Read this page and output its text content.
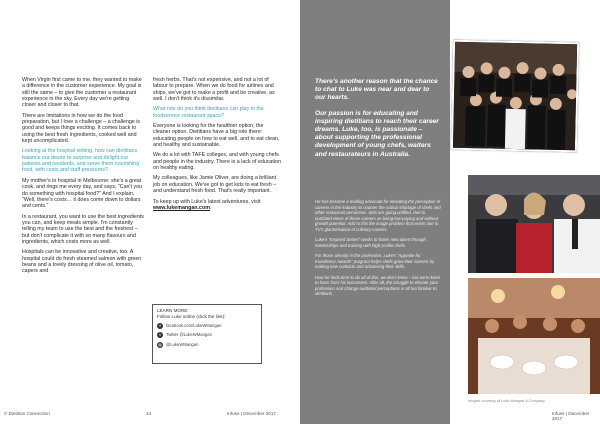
When Virgin first came to me, they wanted to make a difference in the customer experience. My goal is still the same – to give the customer a restaurant experience in the sky. Every day we're getting closer and closer to that.

There are limitations in how we do the food preparation, but I love a challenge – a challenge is good and keeps things exciting. It comes back to using the best fresh ingredients, cooked well and kept uncomplicated.

Looking at the hospital setting, how can dietitians balance our desire to surprise and delight our patients and residents, and serve them nourishing food, with costs and staff pressures?

My mother's in hospital in Melbourne; she's a great cook, and rings me every day, and says, "Can't you do something with hospital food?" And I explain, "Well, there's costs… it does come down to dollars and cents."

In a restaurant, you want to use the best ingredients you can, and keep meals simple. I'm constantly telling my team to use the best and the freshest – but don't complicate it with so many flavours and ingredients, which costs more as well.

Hospitals can be innovative and creative, too. A hospital could do fresh steamed salmon with green beans and a lovely dressing of olive oil, tomato, capers and

fresh herbs. That's not expensive, and not a lot of labour to prepare. When we do food for airlines and ships, we've got to make a profit and be creative, as well. I don't think it's dissimilar.

What role do you think dietitians can play in the foodservice restaurant space?

Everyone is looking for the healthier option, the cleaner option. Dietitians have a big role there: educating people on how to eat well, and to eat clean, and healthy and sustainable.

We do a lot with TAFE colleges, and with young chefs and people in the industry. There is a lack of education on healthy eating.

My colleagues, like Jamie Oliver, are doing a brilliant job on education. We've got to get kids to eat fresh – and understand fresh food. That's really important.

To keep up with Luke's latest adventures, visit www.lukemangan.com.

LEARN MORE:
Follow Luke online (click the link):
f	facebook.com/LukeWMangan
t	Twitter @LukeWMangan
◎ @LukeWMangan

There's another reason that the chance to chat to Luke was near and dear to our hearts.

Our passion is for educating and inspiring dietitians to reach their career dreams. Luke, too, is passionate – about supporting the professional development of young chefs, waiters and restaurateurs in Australia.

He has become a leading advocate for elevating the perception of careers in the industry to counter the critical shortage of chefs and other restaurant personnel. Jobs are going unfilled, due to outdated views of these careers as being low-paying and without growth potential. Add to this the image problem that exists due to TV's glamorisation of culinary careers.

Luke's "Inspired Series" works to foster new talent through mentorships and training with high-profile chefs.

For those already in the profession, Luke's "Appetite for Excellence Awards" program helps chefs grow their careers by making new contacts and advancing their skills.

How he finds time to do all of this, we don't know – but we're keen to learn from his successes. After all, the struggle to elevate your profession and change outdated perceptions is all too familiar to dietitians.

Images courtesy of Luke Mangan & Company
© Dietitian Connection	14	Infuse | December 2017	Infuse | December 2017
